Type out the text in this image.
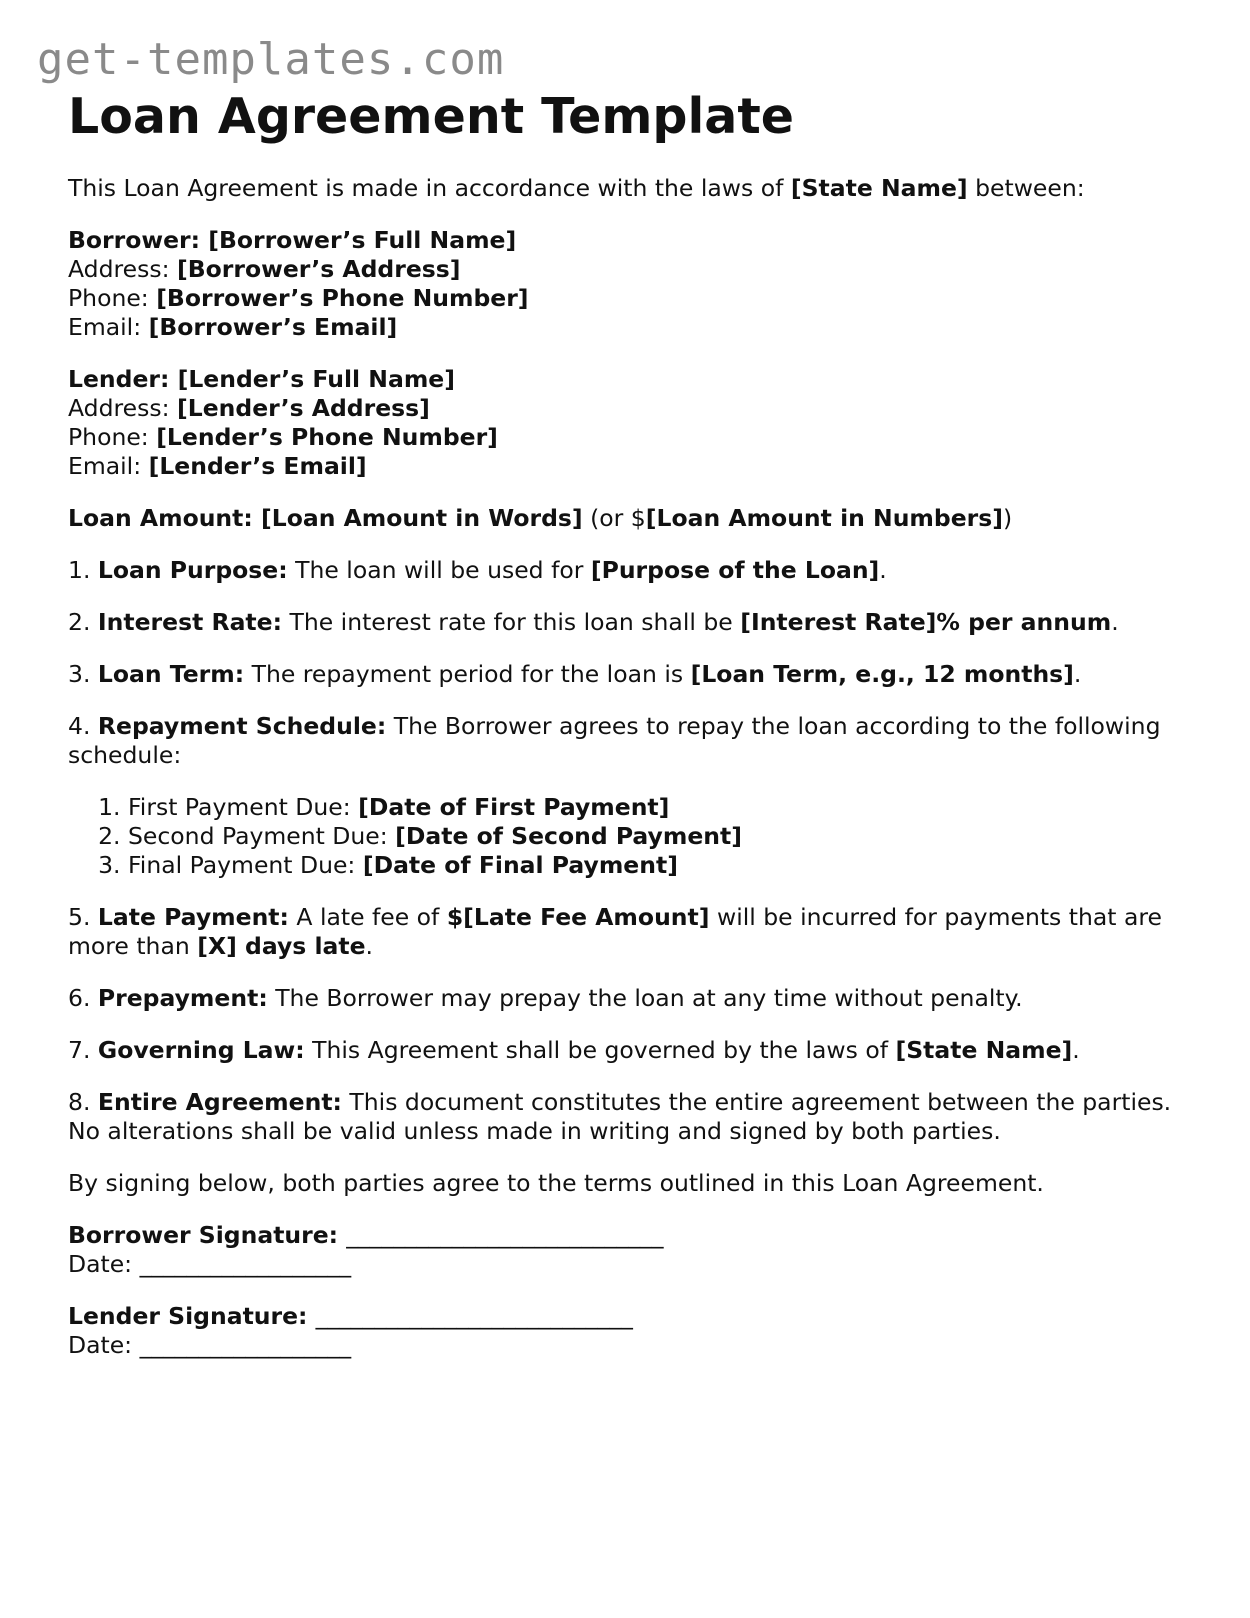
get-templates.com
Loan Agreement Template

This Loan Agreement is made in accordance with the laws of [State Name] between:

Borrower: [Borrower’s Full Name]

Address: [Borrower’s Address]

Phone: [Borrower’s Phone Number]

Email: [Borrower’s Email]

Lender: [Lender’s Full Name]

Address: [Lender’s Address]

Phone: [Lender’s Phone Number]

Email: [Lender’s Email]

Loan Amount: [Loan Amount in Words] (or $[Loan Amount in Numbers])

1. Loan Purpose: The loan will be used for [Purpose of the Loan].

2. Interest Rate: The interest rate for this loan shall be [Interest Rate]% per annum.

3. Loan Term: The repayment period for the loan is [Loan Term, e.g., 12 months].

4. Repayment Schedule: The Borrower agrees to repay the loan according to the following schedule:

1. First Payment Due: [Date of First Payment]
2. Second Payment Due: [Date of Second Payment]
3. Final Payment Due: [Date of Final Payment]

5. Late Payment: A late fee of $[Late Fee Amount] will be incurred for payments that are more than [X] days late.

6. Prepayment: The Borrower may prepay the loan at any time without penalty.

7. Governing Law: This Agreement shall be governed by the laws of [State Name].

8. Entire Agreement: This document constitutes the entire agreement between the parties. No alterations shall be valid unless made in writing and signed by both parties.

By signing below, both parties agree to the terms outlined in this Loan Agreement.

Borrower Signature: ___________________________

Date: __________________

Lender Signature: ___________________________

Date: __________________
